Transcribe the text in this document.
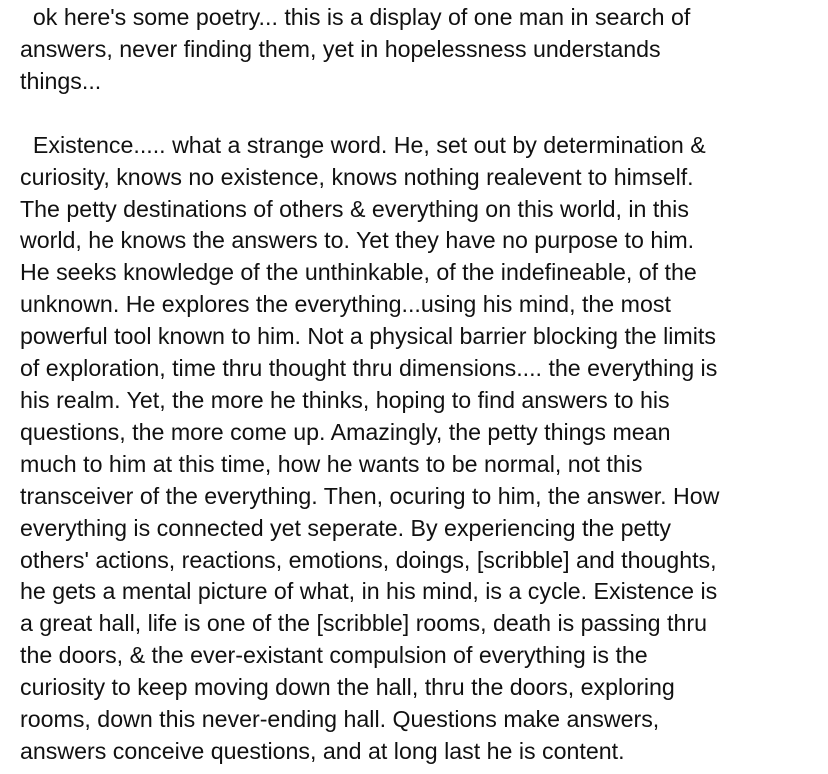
ok here's some poetry... this is a display of one man in search of
answers, never finding them, yet in hopelessness understands
things...

Existence..... what a strange word. He, set out by determination &
curiosity, knows no existence, knows nothing realevent to himself.
The petty destinations of others & everything on this world, in this
world, he knows the answers to. Yet they have no purpose to him.
He seeks knowledge of the unthinkable, of the indefineable, of the
unknown. He explores the everything...using his mind, the most
powerful tool known to him. Not a physical barrier blocking the limits
of exploration, time thru thought thru dimensions.... the everything is
his realm. Yet, the more he thinks, hoping to find answers to his
questions, the more come up. Amazingly, the petty things mean
much to him at this time, how he wants to be normal, not this
transceiver of the everything. Then, ocuring to him, the answer. How
everything is connected yet seperate. By experiencing the petty
others' actions, reactions, emotions, doings, [scribble] and thoughts,
he gets a mental picture of what, in his mind, is a cycle. Existence is
a great hall, life is one of the [scribble] rooms, death is passing thru
the doors, & the ever-existant compulsion of everything is the
curiosity to keep moving down the hall, thru the doors, exploring
rooms, down this never-ending hall. Questions make answers,
answers conceive questions, and at long last he is content.
